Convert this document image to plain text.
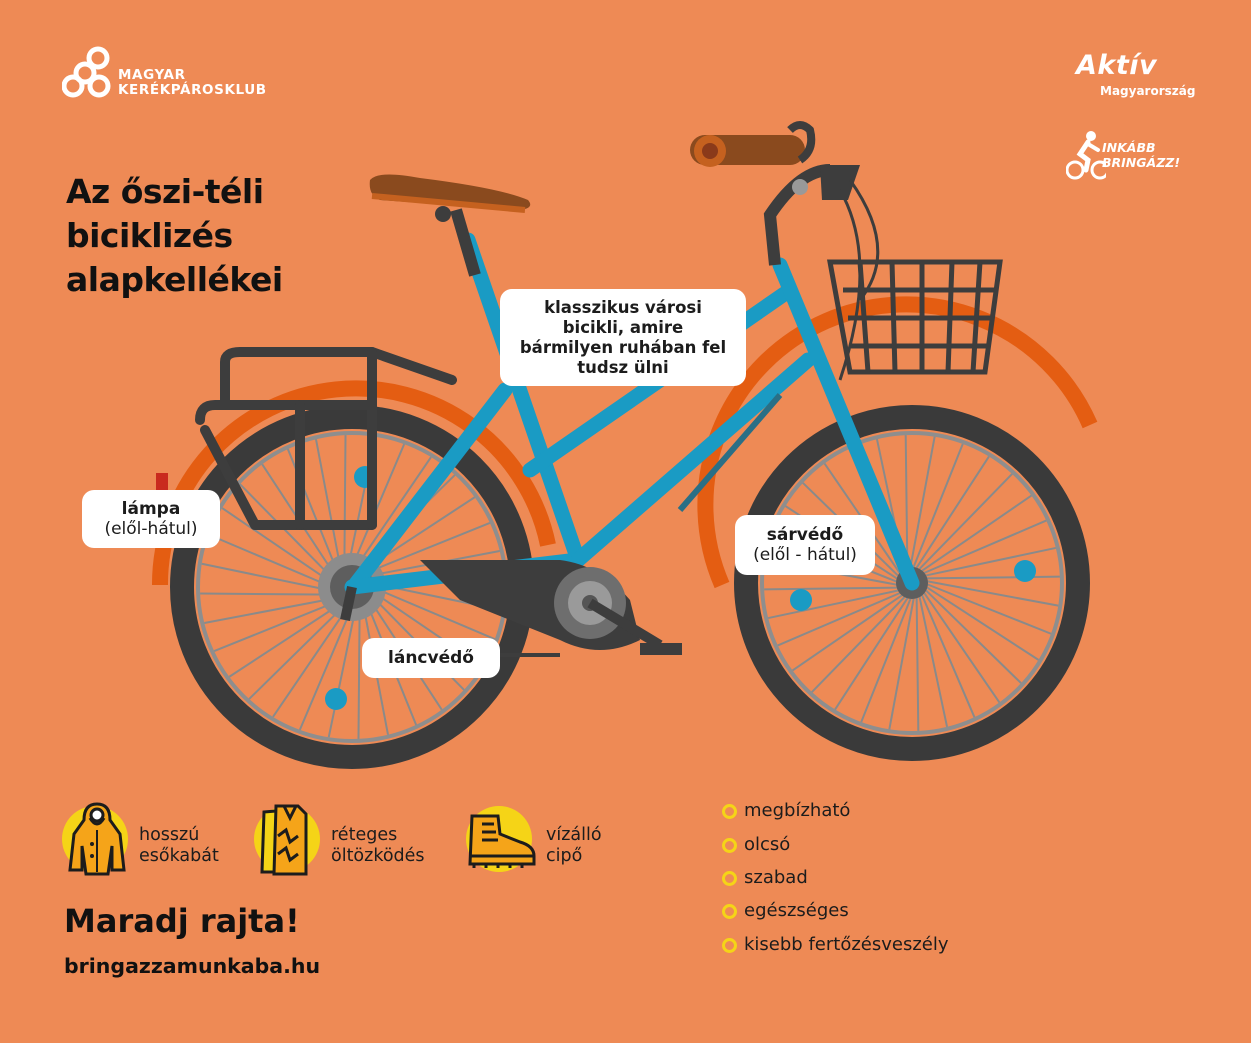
MAGYAR
KERÉKPÁROSKLUB
Aktív
Magyarország
INKÁBB
BRINGÁZZ!
Az őszi-téli
biciklizés
alapkellékei
klasszikus városi
bicikli, amire
bármilyen ruhában fel
tudsz ülni
lámpa
(elől-hátul)	sárvédő
(elől - hátul)
láncvédő
hosszú
esőkabát
réteges
öltözködés
vízálló
cipő
megbízható
olcsó
szabad
egészséges
kisebb fertőzésveszély
Maradj rajta!
bringazzamunkaba.hu
